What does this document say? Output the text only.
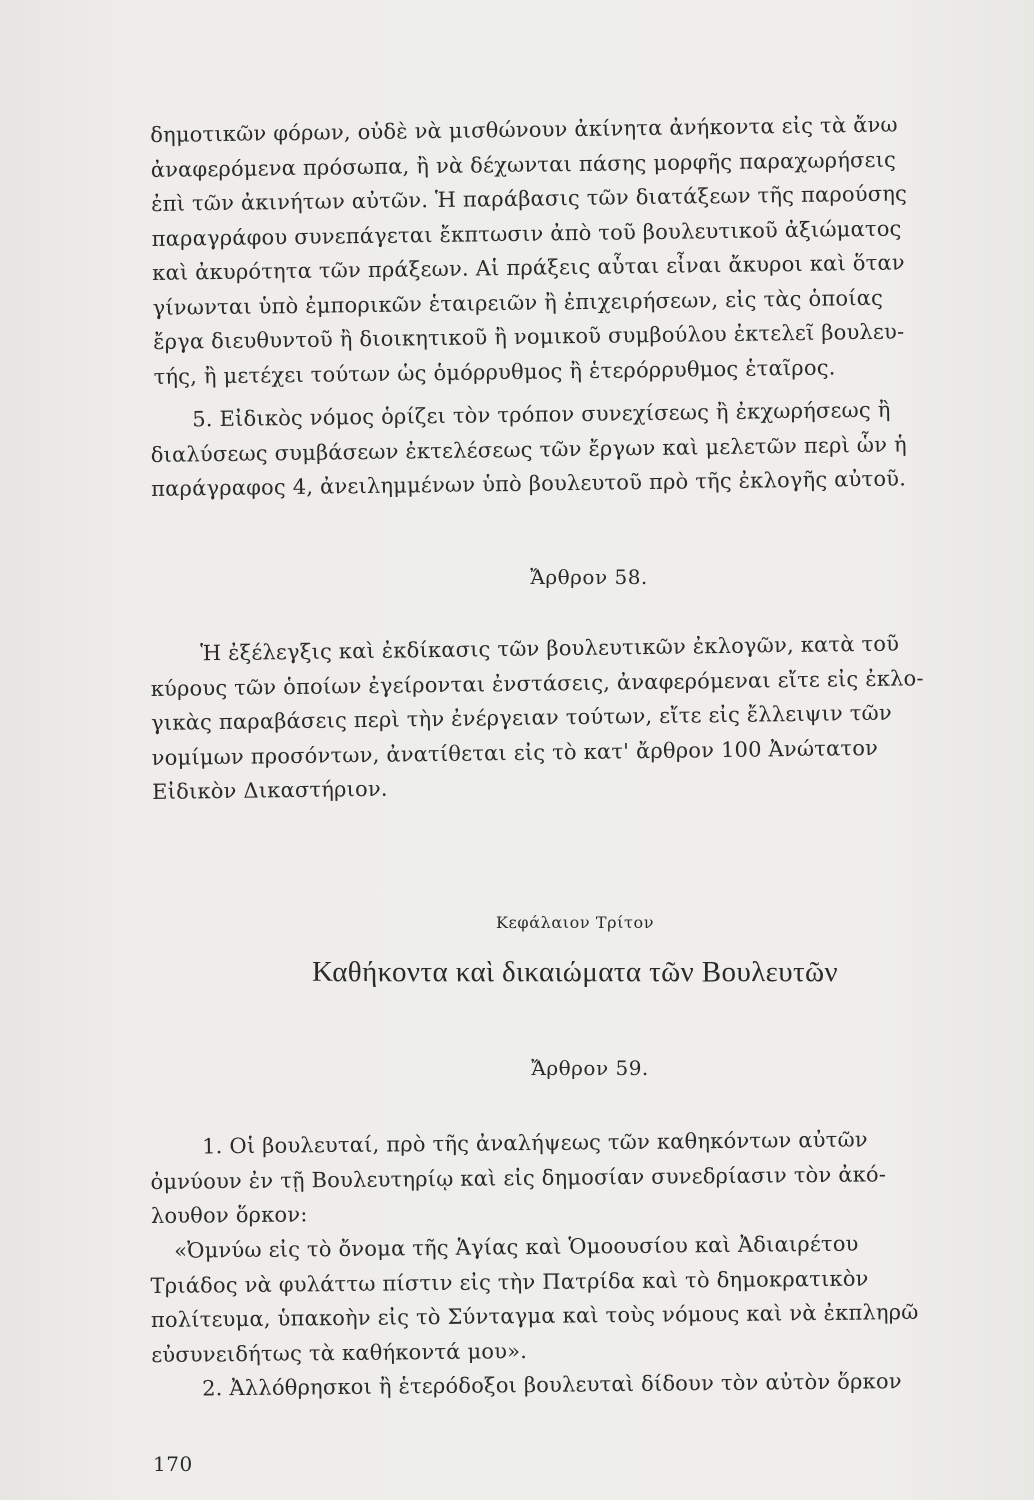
δημοτικῶν φόρων, οὐδὲ νὰ μισθώνουν ἀκίνητα ἀνήκοντα εἰς τὰ ἄνω
ἀναφερόμενα πρόσωπα, ἢ νὰ δέχωνται πάσης μορφῆς παραχωρήσεις
ἐπὶ τῶν ἀκινήτων αὐτῶν. Ἡ παράβασις τῶν διατάξεων τῆς παρούσης
παραγράφου συνεπάγεται ἔκπτωσιν ἀπὸ τοῦ βουλευτικοῦ ἀξιώματος
καὶ ἀκυρότητα τῶν πράξεων. Αἱ πράξεις αὗται εἶναι ἄκυροι καὶ ὅταν
γίνωνται ὑπὸ ἐμπορικῶν ἑταιρειῶν ἢ ἐπιχειρήσεων, εἰς τὰς ὁποίας
ἔργα διευθυντοῦ ἢ διοικητικοῦ ἢ νομικοῦ συμβούλου ἐκτελεῖ βουλευ-
τής, ἢ μετέχει τούτων ὡς ὁμόρρυθμος ἢ ἑτερόρρυθμος ἑταῖρος.
5. Εἰδικὸς νόμος ὁρίζει τὸν τρόπον συνεχίσεως ἢ ἐκχωρήσεως ἢ
διαλύσεως συμβάσεων ἐκτελέσεως τῶν ἔργων καὶ μελετῶν περὶ ὧν ἡ
παράγραφος 4, ἀνειλημμένων ὑπὸ βουλευτοῦ πρὸ τῆς ἐκλογῆς αὐτοῦ.
Ἄρθρον 58.
Ἡ ἐξέλεγξις καὶ ἐκδίκασις τῶν βουλευτικῶν ἐκλογῶν, κατὰ τοῦ
κύρους τῶν ὁποίων ἐγείρονται ἐνστάσεις, ἀναφερόμεναι εἴτε εἰς ἐκλο-
γικὰς παραβάσεις περὶ τὴν ἐνέργειαν τούτων, εἴτε εἰς ἔλλειψιν τῶν
νομίμων προσόντων, ἀνατίθεται εἰς τὸ κατ' ἄρθρον 100 Ἀνώτατον
Εἰδικὸν Δικαστήριον.
Κεφάλαιον Τρίτον
Καθήκοντα καὶ δικαιώματα τῶν Βουλευτῶν
Ἄρθρον 59.
1. Οἱ βουλευταί, πρὸ τῆς ἀναλήψεως τῶν καθηκόντων αὐτῶν
ὀμνύουν ἐν τῇ Βουλευτηρίῳ καὶ εἰς δημοσίαν συνεδρίασιν τὸν ἀκό-
λουθον ὅρκον:
«Ὀμνύω εἰς τὸ ὄνομα τῆς Ἁγίας καὶ Ὁμοουσίου καὶ Ἀδιαιρέτου
Τριάδος νὰ φυλάττω πίστιν εἰς τὴν Πατρίδα καὶ τὸ δημοκρατικὸν
πολίτευμα, ὑπακοὴν εἰς τὸ Σύνταγμα καὶ τοὺς νόμους καὶ νὰ ἐκπληρῶ
εὐσυνειδήτως τὰ καθήκοντά μου».
2. Ἀλλόθρησκοι ἢ ἑτερόδοξοι βουλευταὶ δίδουν τὸν αὐτὸν ὅρκον
170
